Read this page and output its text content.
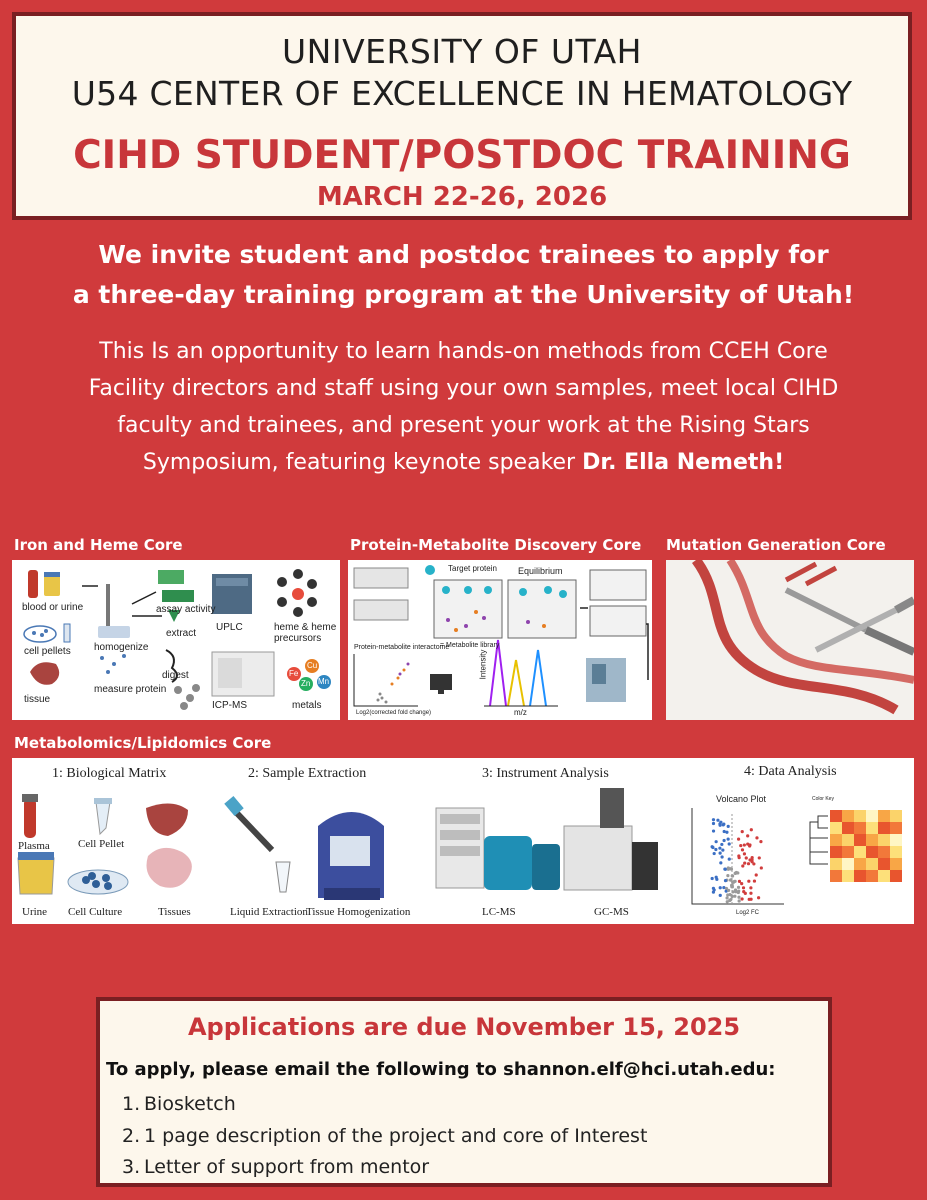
UNIVERSITY OF UTAH
U54 CENTER OF EXCELLENCE IN HEMATOLOGY
CIHD STUDENT/POSTDOC TRAINING
MARCH 22-26, 2026
We invite student and postdoc trainees to apply for
a three-day training program at the University of Utah!
This Is an opportunity to learn hands-on methods from CCEH Core
Facility directors and staff using your own samples, meet local CIHD
faculty and trainees, and present your work at the Rising Stars
Symposium, featuring keynote speaker Dr. Ella Nemeth!
Iron and Heme Core	Protein-Metabolite Discovery Core Mutation Generation Core
blood or urine
homogenize
assay activity
extract
UPLC	heme & heme precursors
cell pellets
measure protein
digest
ICP-MS	metals
tissue
Fe
Cu
Zn Mn
Target protein Equilibrium
= Metabolite library
Protein-metabolite interactome
Intensity
m/z
Log2(corrected fold change)
Metabolomics/Lipidomics Core
1: Biological Matrix	2: Sample Extraction	3: Instrument Analysis	4: Data Analysis
Plasma	Cell Pellet
Urine Cell Culture	Tissues	Liquid Extraction
Tissue Homogenization	LC-MS	GC-MS
Volcano Plot
Log2 FC
Color Key
Applications are due November 15, 2025
To apply, please email the following to shannon.elf@hci.utah.edu:
1. Biosketch
2. 1 page description of the project and core of Interest
3. Letter of support from mentor
